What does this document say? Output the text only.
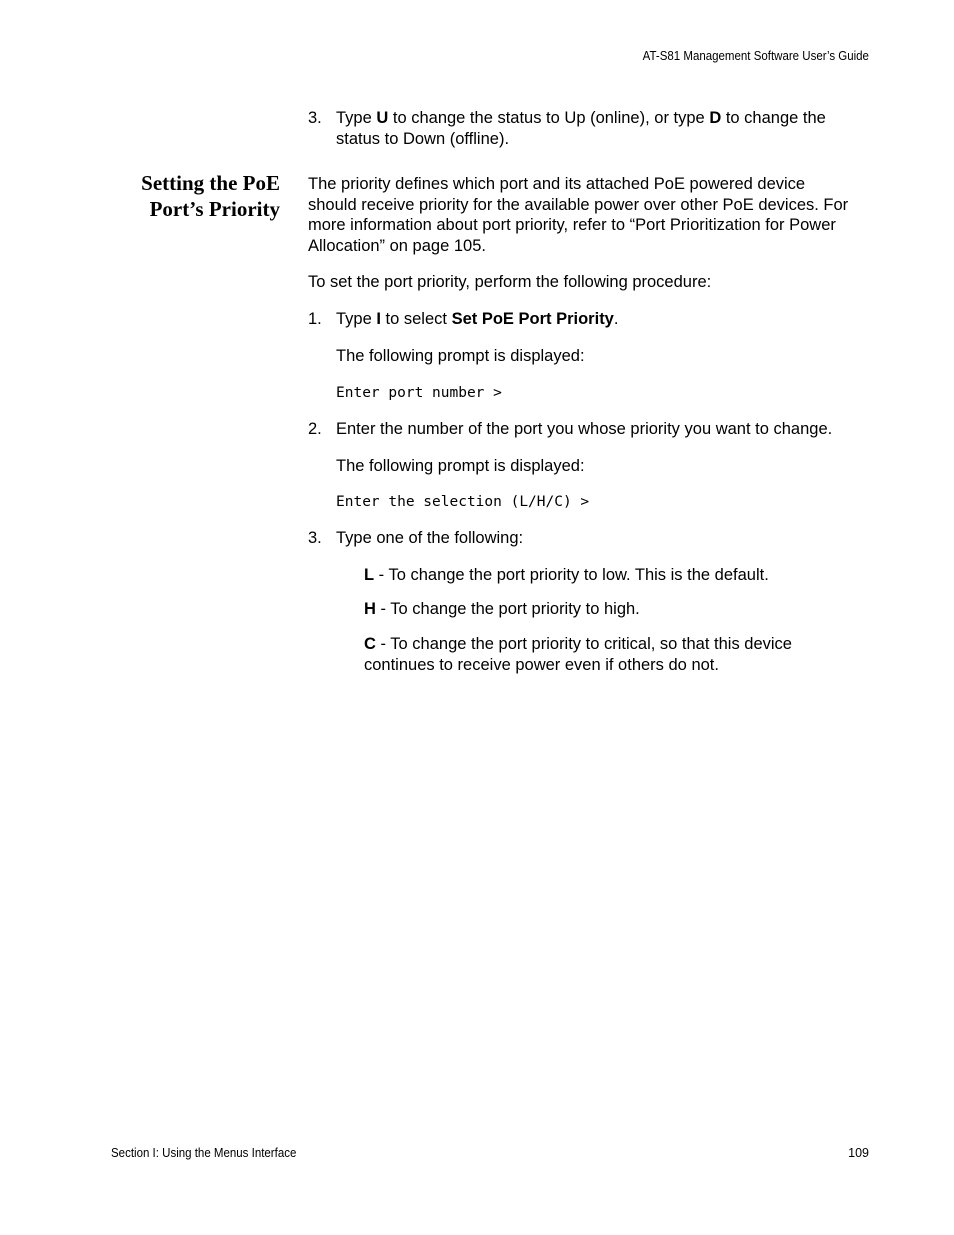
AT-S81 Management Software User’s Guide
3. Type U to change the status to Up (online), or type D to change the
status to Down (offline).
Setting the PoE
Port’s Priority
The priority defines which port and its attached PoE powered device
should receive priority for the available power over other PoE devices. For
more information about port priority, refer to “Port Prioritization for Power
Allocation” on page 105.
To set the port priority, perform the following procedure:
1. Type I to select Set PoE Port Priority.
The following prompt is displayed:
Enter port number >
2. Enter the number of the port you whose priority you want to change.
The following prompt is displayed:
Enter the selection (L/H/C) >
3. Type one of the following:
L - To change the port priority to low. This is the default.
H - To change the port priority to high.
C - To change the port priority to critical, so that this device
continues to receive power even if others do not.
Section I: Using the Menus Interface	109
